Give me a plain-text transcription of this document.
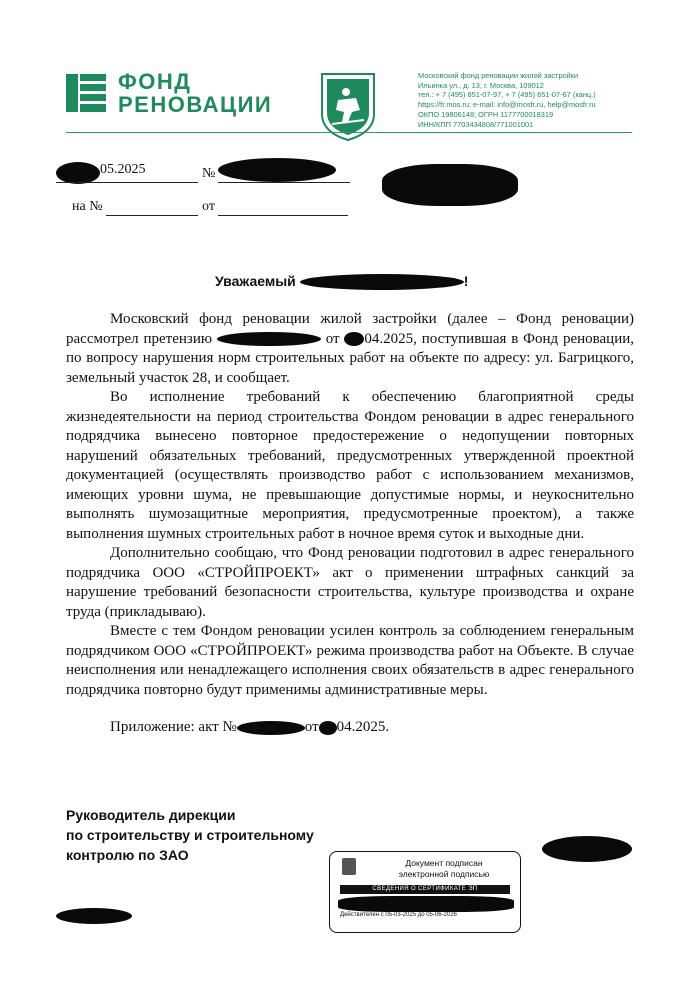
ФОНД
РЕНОВАЦИИ
Московский фонд реновации жилой застройки
Ильинка ул., д. 13, г. Москва, 109012
тел.: + 7 (495) 651-07-97, + 7 (495) 651-07-67 (канц.)
https://fr.mos.ru; e-mail: info@mosfr.ru, help@mosfr.ru
ОКПО 19806148; ОГРН 1177700018319
ИНН/КПП 7703434808/771001001
05.2025	№
на №	от
Уважаемый	!

Московский фонд реновации жилой застройки (далее – Фонд реновации) рассмотрел претензию	от 04.2025, поступившая в Фонд реновации, по вопросу нарушения норм строительных работ на объекте по адресу: ул. Багрицкого, земельный участок 28, и сообщает.

Во исполнение требований к обеспечению благоприятной среды жизнедеятельности на период строительства Фондом реновации в адрес генерального подрядчика вынесено повторное предостережение о недопущении повторных нарушений обязательных требований, предусмотренных утвержденной проектной документацией (осуществлять производство работ с использованием механизмов, имеющих уровни шума, не превышающие допустимые нормы, и неукоснительно выполнять шумозащитные мероприятия, предусмотренные проектом), а также выполнения шумных строительных работ в ночное время суток и выходные дни.

Дополнительно сообщаю, что Фонд реновации подготовил в адрес генерального подрядчика ООО «СТРОЙПРОЕКТ» акт о применении штрафных санкций за нарушение требований безопасности строительства, культуре производства и охране труда (прикладываю).

Вместе с тем Фондом реновации усилен контроль за соблюдением генеральным подрядчиком ООО «СТРОЙПРОЕКТ» режима производства работ на Объекте. В случае неисполнения или ненадлежащего исполнения своих обязательств в адрес генерального подрядчика повторно будут применимы административные меры.

Приложение: акт №	от 04.2025.

Руководитель дирекции
по строительству и строительному
контролю по ЗАО	Документ подписан
электронной подписью
СВЕДЕНИЯ О СЕРТИФИКАТЕ ЭП
Действителен с 05-03-2025 до 05-06-2026
